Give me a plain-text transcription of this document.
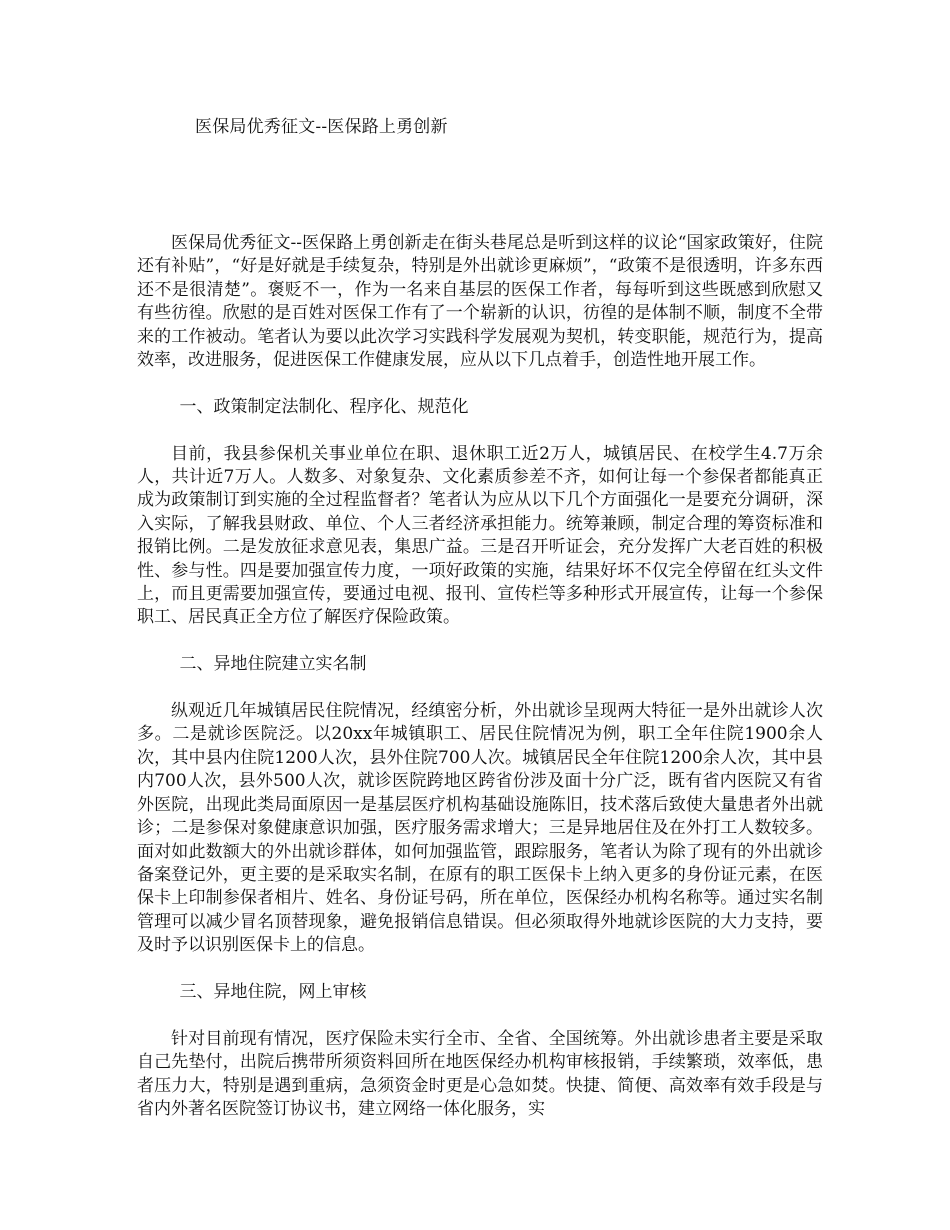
医保局优秀征文--医保路上勇创新

医保局优秀征文--医保路上勇创新走在街头巷尾总是听到这样的议论“国家政策好，住院还有补贴”，“好是好就是手续复杂，特别是外出就诊更麻烦”，“政策不是很透明，许多东西还不是很清楚”。褒贬不一，作为一名来自基层的医保工作者，每每听到这些既感到欣慰又有些彷徨。欣慰的是百姓对医保工作有了一个崭新的认识，彷徨的是体制不顺，制度不全带来的工作被动。笔者认为要以此次学习实践科学发展观为契机，转变职能，规范行为，提高效率，改进服务，促进医保工作健康发展，应从以下几点着手，创造性地开展工作。

一、政策制定法制化、程序化、规范化

目前，我县参保机关事业单位在职、退休职工近2万人，城镇居民、在校学生4.7万余人，共计近7万人。人数多、对象复杂、文化素质参差不齐，如何让每一个参保者都能真正成为政策制订到实施的全过程监督者？笔者认为应从以下几个方面强化一是要充分调研，深入实际，了解我县财政、单位、个人三者经济承担能力。统筹兼顾，制定合理的筹资标准和报销比例。二是发放征求意见表，集思广益。三是召开听证会，充分发挥广大老百姓的积极性、参与性。四是要加强宣传力度，一项好政策的实施，结果好坏不仅完全停留在红头文件上，而且更需要加强宣传，要通过电视、报刊、宣传栏等多种形式开展宣传，让每一个参保职工、居民真正全方位了解医疗保险政策。

二、异地住院建立实名制

纵观近几年城镇居民住院情况，经缜密分析，外出就诊呈现两大特征一是外出就诊人次多。二是就诊医院泛。以20xx年城镇职工、居民住院情况为例，职工全年住院1900余人次，其中县内住院1200人次，县外住院700人次。城镇居民全年住院1200余人次，其中县内700人次，县外500人次，就诊医院跨地区跨省份涉及面十分广泛，既有省内医院又有省外医院，出现此类局面原因一是基层医疗机构基础设施陈旧，技术落后致使大量患者外出就诊；二是参保对象健康意识加强，医疗服务需求增大；三是异地居住及在外打工人数较多。面对如此数额大的外出就诊群体，如何加强监管，跟踪服务，笔者认为除了现有的外出就诊备案登记外，更主要的是采取实名制，在原有的职工医保卡上纳入更多的身份证元素，在医保卡上印制参保者相片、姓名、身份证号码，所在单位，医保经办机构名称等。通过实名制管理可以减少冒名顶替现象，避免报销信息错误。但必须取得外地就诊医院的大力支持，要及时予以识别医保卡上的信息。

三、异地住院，网上审核

针对目前现有情况，医疗保险未实行全市、全省、全国统筹。外出就诊患者主要是采取自己先垫付，出院后携带所须资料回所在地医保经办机构审核报销，手续繁琐，效率低，患者压力大，特别是遇到重病，急须资金时更是心急如焚。快捷、简便、高效率有效手段是与省内外著名医院签订协议书，建立网络一体化服务，实
